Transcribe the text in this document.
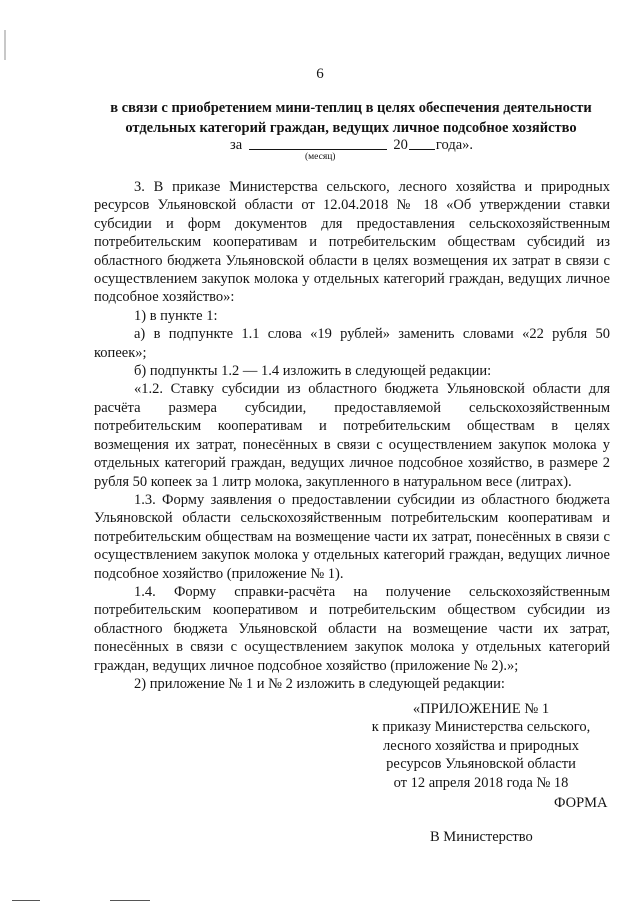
6
в связи с приобретением мини-теплиц в целях обеспечения деятельности
отдельных категорий граждан, ведущих личное подсобное хозяйство
за	20 года».
(месяц)

3. В приказе Министерства сельского, лесного хозяйства и природных ресурсов Ульяновской области от 12.04.2018 № 18 «Об утверждении ставки субсидии и форм документов для предоставления сельскохозяйственным потребительским кооперативам и потребительским обществам субсидий из областного бюджета Ульяновской области в целях возмещения их затрат в связи с осуществлением закупок молока у отдельных категорий граждан, ведущих личное подсобное хозяйство»:

1) в пункте 1:

а) в подпункте 1.1 слова «19 рублей» заменить словами «22 рубля 50 копеек»;

б) подпункты 1.2 — 1.4 изложить в следующей редакции:

«1.2. Ставку субсидии из областного бюджета Ульяновской области для расчёта размера субсидии, предоставляемой сельскохозяйственным потребительским кооперативам и потребительским обществам в целях возмещения их затрат, понесённых в связи с осуществлением закупок молока у отдельных категорий граждан, ведущих личное подсобное хозяйство, в размере 2 рубля 50 копеек за 1 литр молока, закупленного в натуральном весе (литрах).

1.3. Форму заявления о предоставлении субсидии из областного бюджета Ульяновской области сельскохозяйственным потребительским кооперативам и потребительским обществам на возмещение части их затрат, понесённых в связи с осуществлением закупок молока у отдельных категорий граждан, ведущих личное подсобное хозяйство (приложение № 1).

1.4. Форму справки-расчёта на получение сельскохозяйственным потребительским кооперативом и потребительским обществом субсидии из областного бюджета Ульяновской области на возмещение части их затрат, понесённых в связи с осуществлением закупок молока у отдельных категорий граждан, ведущих личное подсобное хозяйство (приложение № 2).»;

2) приложение № 1 и № 2 изложить в следующей редакции:

«ПРИЛОЖЕНИЕ № 1
к приказу Министерства сельского,
лесного хозяйства и природных
ресурсов Ульяновской области
от 12 апреля 2018 года № 18
ФОРМА
В Министерство
